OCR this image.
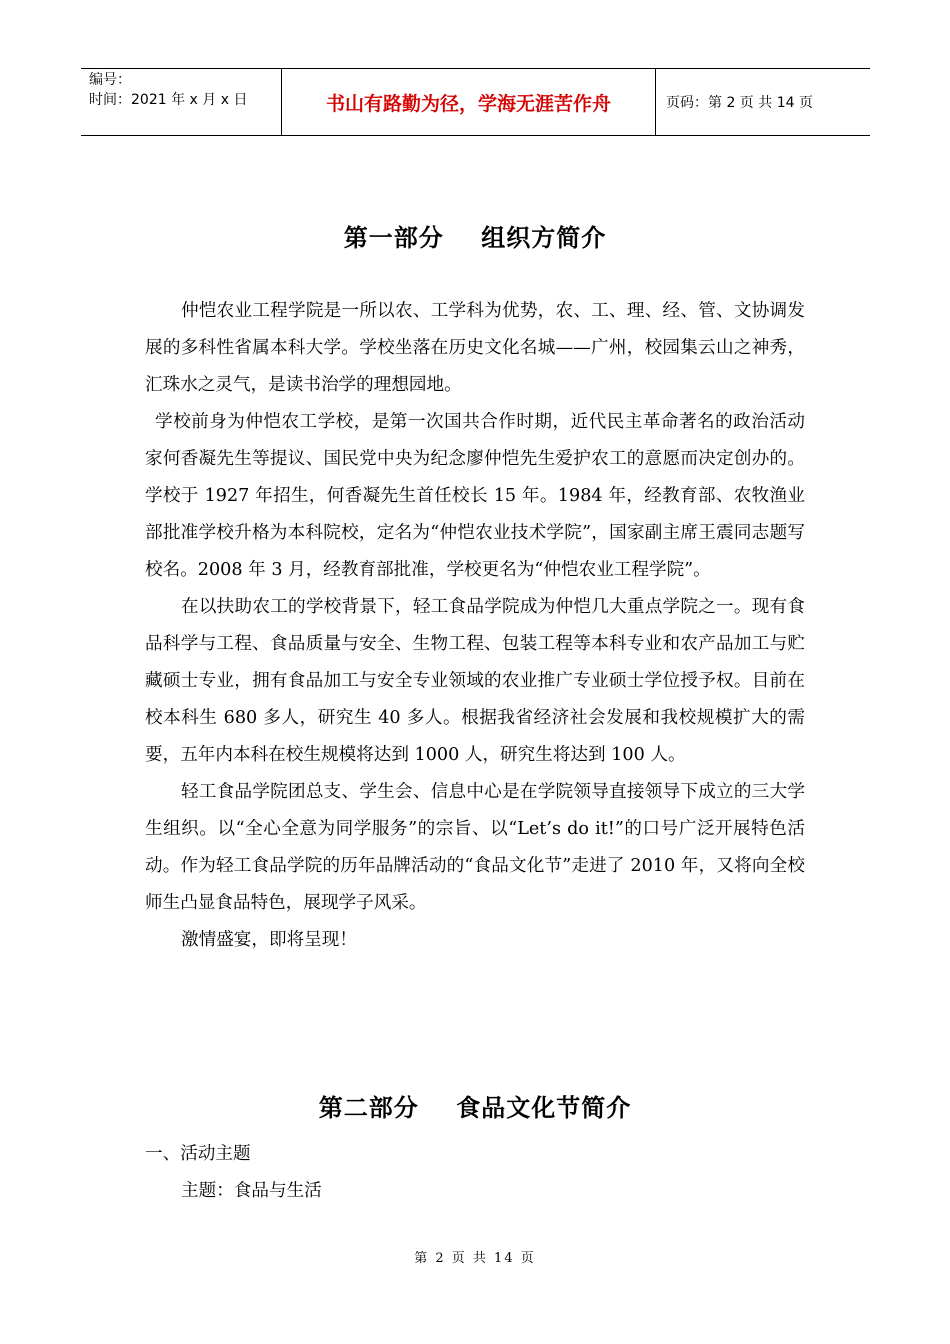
编号：
时间：2021 年 x 月 x 日	书山有路勤为径，学海无涯苦作舟	页码：第 2 页 共 14 页
第一部分    组织方简介

仲恺农业工程学院是一所以农、工学科为优势，农、工、理、经、管、文协调发展的多科性省属本科大学。学校坐落在历史文化名城——广州，校园集云山之神秀，汇珠水之灵气，是读书治学的理想园地。

学校前身为仲恺农工学校，是第一次国共合作时期，近代民主革命著名的政治活动家何香凝先生等提议、国民党中央为纪念廖仲恺先生爱护农工的意愿而决定创办的。学校于 1927 年招生，何香凝先生首任校长 15 年。1984 年，经教育部、农牧渔业部批准学校升格为本科院校，定名为“仲恺农业技术学院”，国家副主席王震同志题写校名。2008 年 3 月，经教育部批准，学校更名为“仲恺农业工程学院”。

在以扶助农工的学校背景下，轻工食品学院成为仲恺几大重点学院之一。现有食品科学与工程、食品质量与安全、生物工程、包装工程等本科专业和农产品加工与贮藏硕士专业，拥有食品加工与安全专业领域的农业推广专业硕士学位授予权。目前在校本科生 680 多人，研究生 40 多人。根据我省经济社会发展和我校规模扩大的需要，五年内本科在校生规模将达到 1000 人，研究生将达到 100 人。

轻工食品学院团总支、学生会、信息中心是在学院领导直接领导下成立的三大学生组织。以“全心全意为同学服务”的宗旨、以“Let’s do it!”的口号广泛开展特色活动。作为轻工食品学院的历年品牌活动的“食品文化节”走进了 2010 年，又将向全校师生凸显食品特色，展现学子风采。

激情盛宴，即将呈现！

第二部分    食品文化节简介
一、活动主题
主题：食品与生活
第 2 页 共 14 页
